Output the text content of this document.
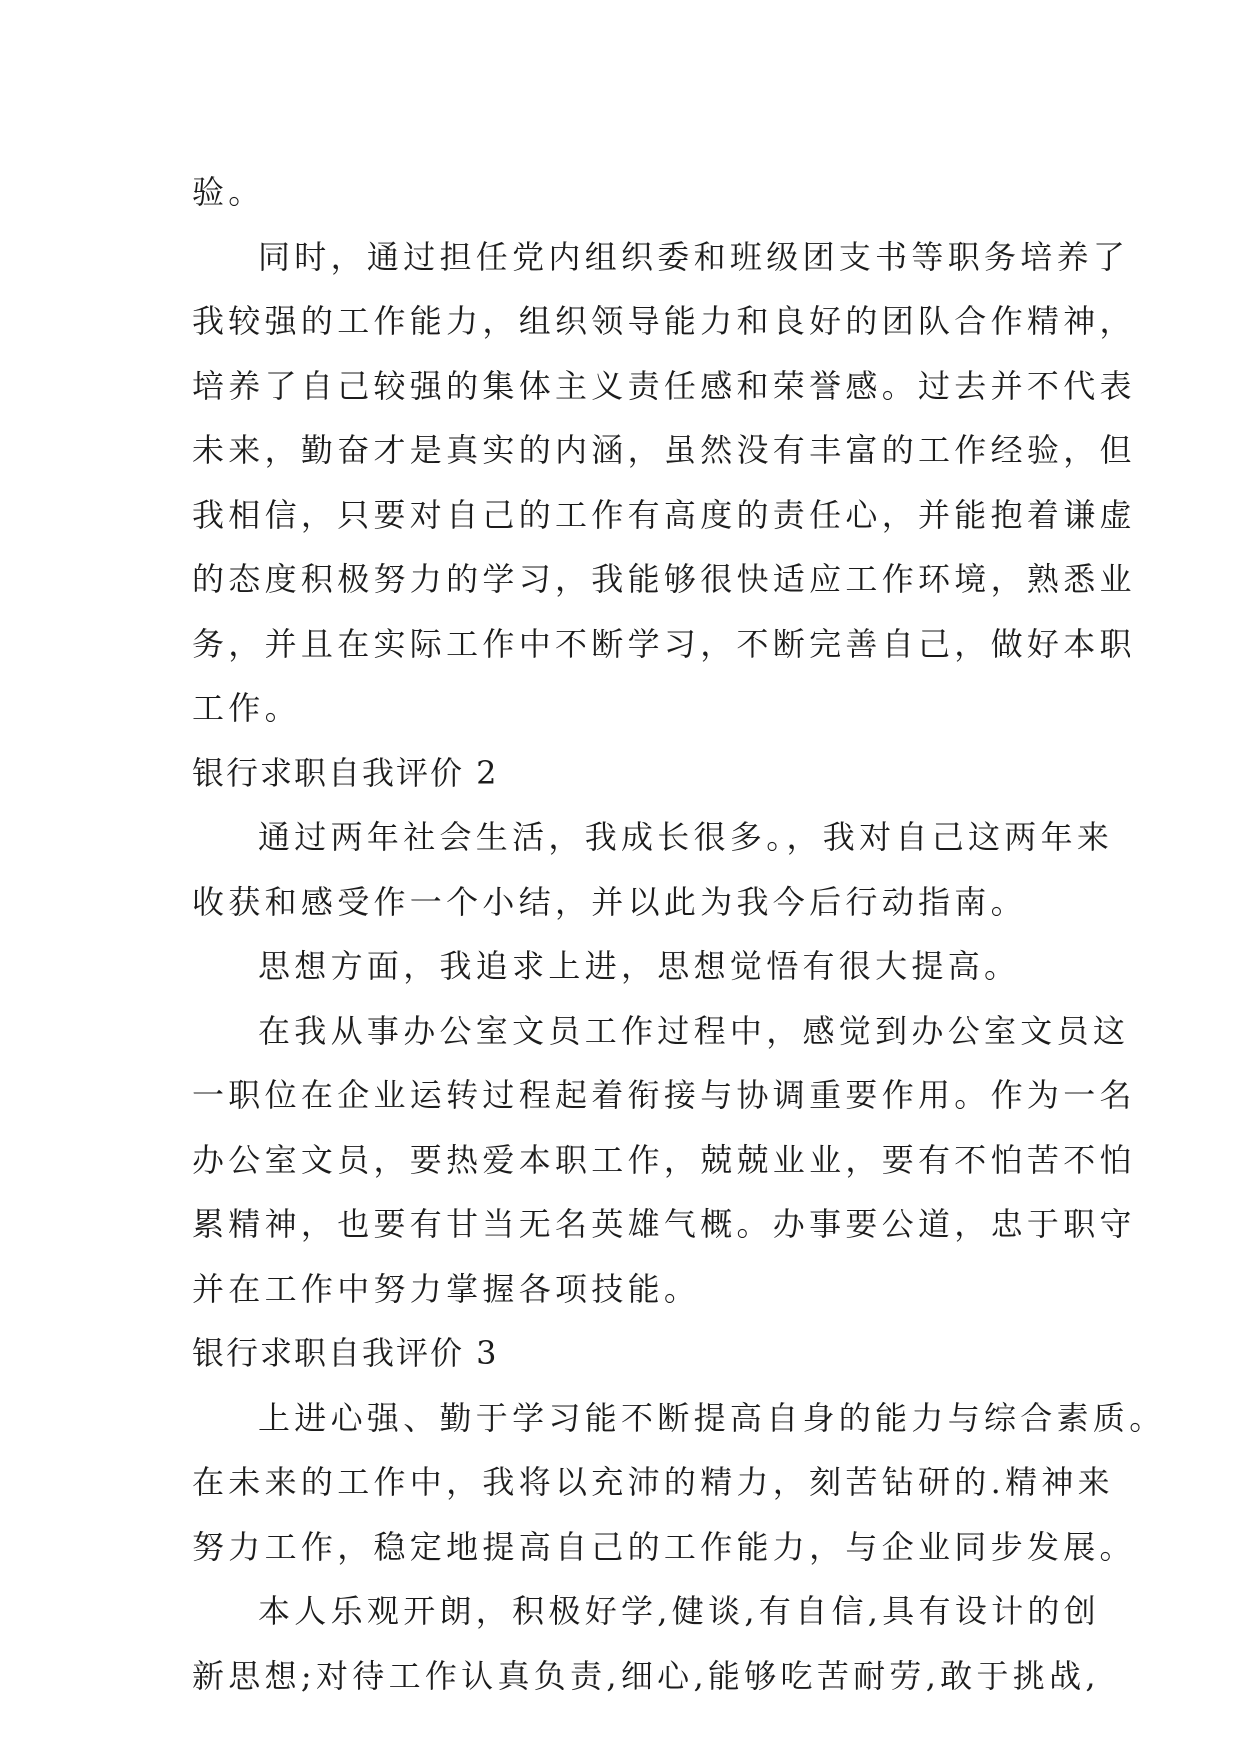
验。
同时，通过担任党内组织委和班级团支书等职务培养了
我较强的工作能力，组织领导能力和良好的团队合作精神，
培养了自己较强的集体主义责任感和荣誉感。过去并不代表
未来，勤奋才是真实的内涵，虽然没有丰富的工作经验，但
我相信，只要对自己的工作有高度的责任心，并能抱着谦虚
的态度积极努力的学习，我能够很快适应工作环境，熟悉业
务，并且在实际工作中不断学习，不断完善自己，做好本职
工作。
银行求职自我评价 2
通过两年社会生活，我成长很多。，我对自己这两年来
收获和感受作一个小结，并以此为我今后行动指南。
思想方面，我追求上进，思想觉悟有很大提高。
在我从事办公室文员工作过程中，感觉到办公室文员这
一职位在企业运转过程起着衔接与协调重要作用。作为一名
办公室文员，要热爱本职工作，兢兢业业，要有不怕苦不怕
累精神，也要有甘当无名英雄气概。办事要公道，忠于职守
并在工作中努力掌握各项技能。
银行求职自我评价 3
上进心强、勤于学习能不断提高自身的能力与综合素质。
在未来的工作中，我将以充沛的精力，刻苦钻研的.精神来
努力工作，稳定地提高自己的工作能力，与企业同步发展。
本人乐观开朗，积极好学,健谈,有自信,具有设计的创
新思想;对待工作认真负责,细心,能够吃苦耐劳,敢于挑战,
